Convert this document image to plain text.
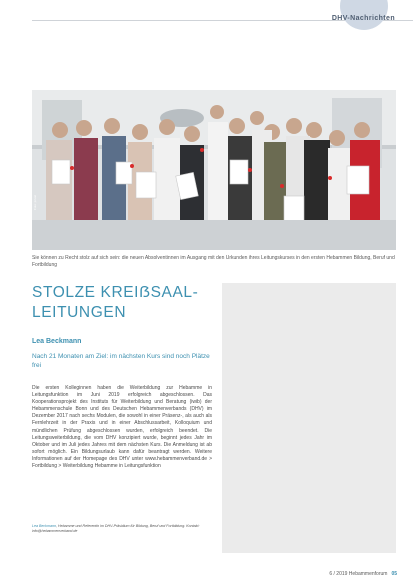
DHV-Nachrichten
Foto: privat
Sie können zu Recht stolz auf sich sein: die neuen Absolventinnen im Ausgang mit den Urkunden ihres Leitungskurses in den ersten Hebammen Bildung, Beruf und Fortbildung
STOLZE KREIẞSAAL-LEITUNGEN
Lea Beckmann
Nach 21 Monaten am Ziel: im nächsten Kurs sind noch Plätze frei

Die ersten Kolleginnen haben die Weiterbildung zur Hebamme in Leitungsfunktion im Juni 2019 erfolgreich abgeschlossen. Das Kooperationsprojekt des Instituts für Weiterbildung und Beratung (iwib) der Hebammenschule Bonn und des Deutschen Hebammenverbands (DHV) im Dezember 2017 nach sechs Modulen, die sowohl in einer Präsenz-, als auch als Fernlehrzeit in der Praxis und in einer Abschlussarbeit, Kolloquium und mündlichen Prüfung abgeschlossen wurden, erfolgreich beendet. Die Leitungsweiterbildung, die vom DHV konzipiert wurde, beginnt jedes Jahr im Oktober und im Juli jedes Jahres mit dem nächsten Kurs. Die Anmeldung ist ab sofort möglich. Ein Bildungsurlaub kann dafür beantragt werden. Weitere Informationen auf der Homepage des DHV unter www.hebammenverband.de > Fortbildung > Weiterbildung Hebamme in Leitungsfunktion

Lea Beckmann, Hebamme und Referentin im DHV-Präsidium für Bildung, Beruf und Fortbildung. Kontakt: info@hebammenverband.de

6 / 2019 Hebammenforum 05
